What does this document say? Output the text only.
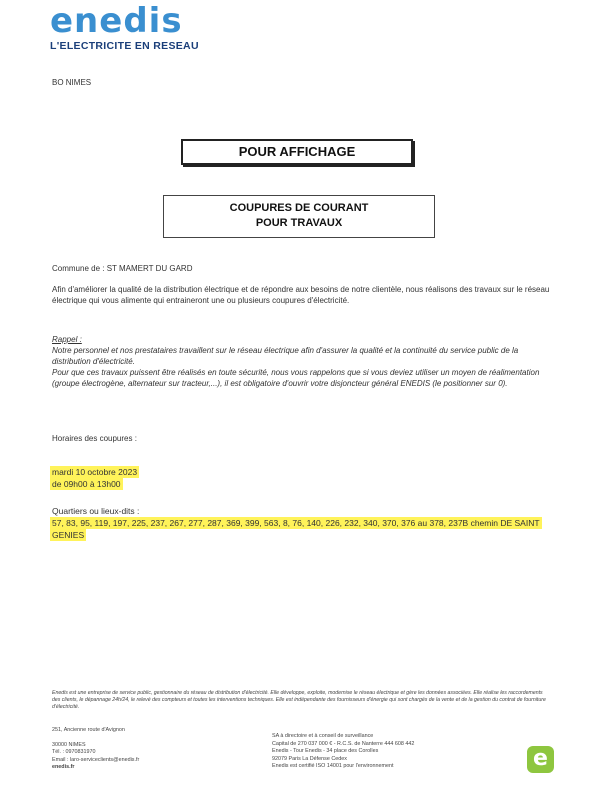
enedis
L'ELECTRICITE EN RESEAU
BO NIMES
POUR AFFICHAGE
COUPURES DE COURANT
POUR TRAVAUX
Commune de : ST MAMERT DU GARD
Afin d'améliorer la qualité de la distribution électrique et de répondre aux besoins de notre clientèle, nous réalisons des travaux sur le réseau électrique qui vous alimente qui entraineront une ou plusieurs coupures d'électricité.
Rappel :
Notre personnel et nos prestataires travaillent sur le réseau électrique afin d'assurer la qualité et la continuité du service public de la distribution d'électricité.
Pour que ces travaux puissent être réalisés en toute sécurité, nous vous rappelons que si vous deviez utiliser un moyen de réalimentation (groupe électrogène, alternateur sur tracteur,...), il est obligatoire d'ouvrir votre disjoncteur général ENEDIS (le positionner sur 0).
Horaires des coupures :
mardi 10 octobre 2023
de 09h00 à 13h00
Quartiers ou lieux-dits :
57, 83, 95, 119, 197, 225, 237, 267, 277, 287, 369, 399, 563, 8, 76, 140, 226, 232, 340, 370, 376 au 378, 237B chemin DE SAINT GENIES
Enedis est une entreprise de service public, gestionnaire du réseau de distribution d'électricité. Elle développe, exploite, modernise le réseau électrique et gère les données associées. Elle réalise les raccordements des clients, le dépannage 24h/24, le relevé des compteurs et toutes les interventions techniques. Elle est indépendante des fournisseurs d'énergie qui sont chargés de la vente et de la gestion du contrat de fourniture d'électricité.
251, Ancienne route d'Avignon
30000 NIMES
Tél. : 0970831970
Email : laro-serviceclients@enedis.fr
enedis.fr
SA à directoire et à conseil de surveillance
Capital de 270 037 000 € - R.C.S. de Nanterre 444 608 442
Enedis - Tour Enedis - 34 place des Corolles
92079 Paris La Défense Cedex
Enedis est certifié ISO 14001 pour l'environnement	e
